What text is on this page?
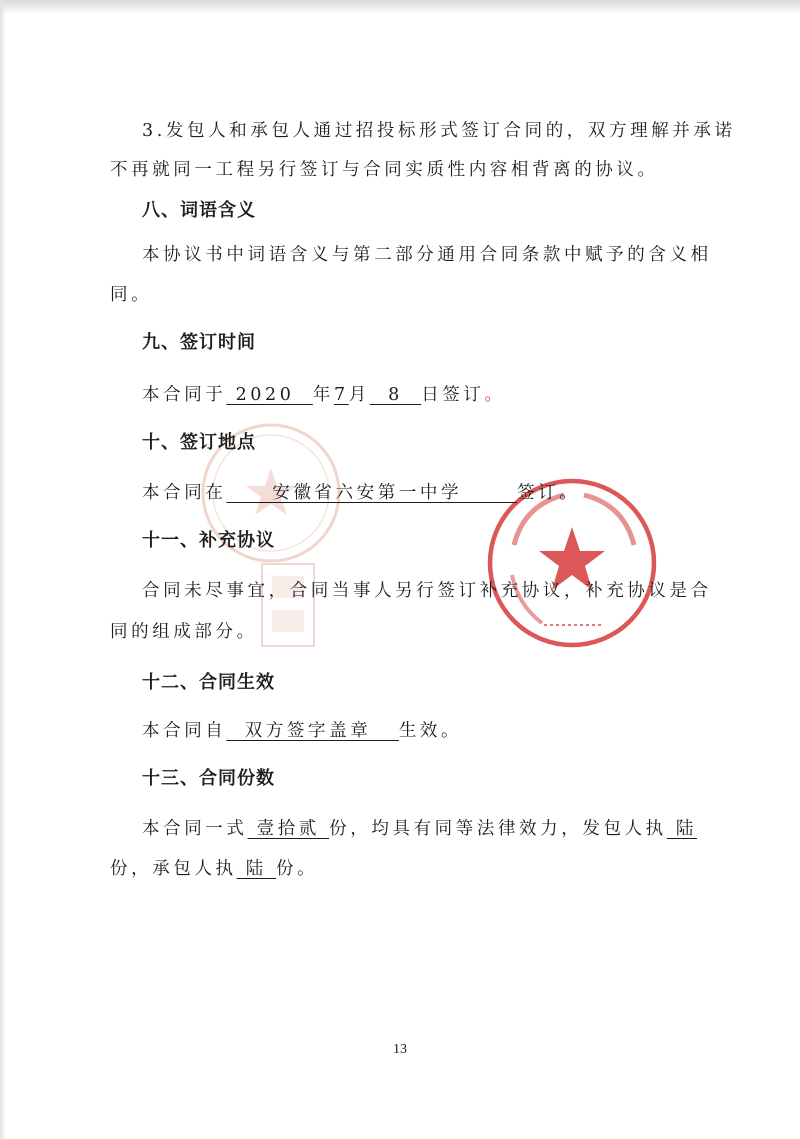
3.发包人和承包人通过招投标形式签订合同的，双方理解并承诺
不再就同一工程另行签订与合同实质性内容相背离的协议。
八、词语含义
本协议书中词语含义与第二部分通用合同条款中赋予的含义相
同。
九、签订时间
本合同于 2020  年7月  8  日签订。
十、签订地点
本合同在     安徽省六安第一中学      签订。
十一、补充协议
合同未尽事宜，合同当事人另行签订补充协议，补充协议是合
同的组成部分。
十二、合同生效
本合同自  双方签字盖章   生效。
十三、合同份数
本合同一式 壹拾贰 份，均具有同等法律效力，发包人执 陆
份，承包人执 陆 份。
13
